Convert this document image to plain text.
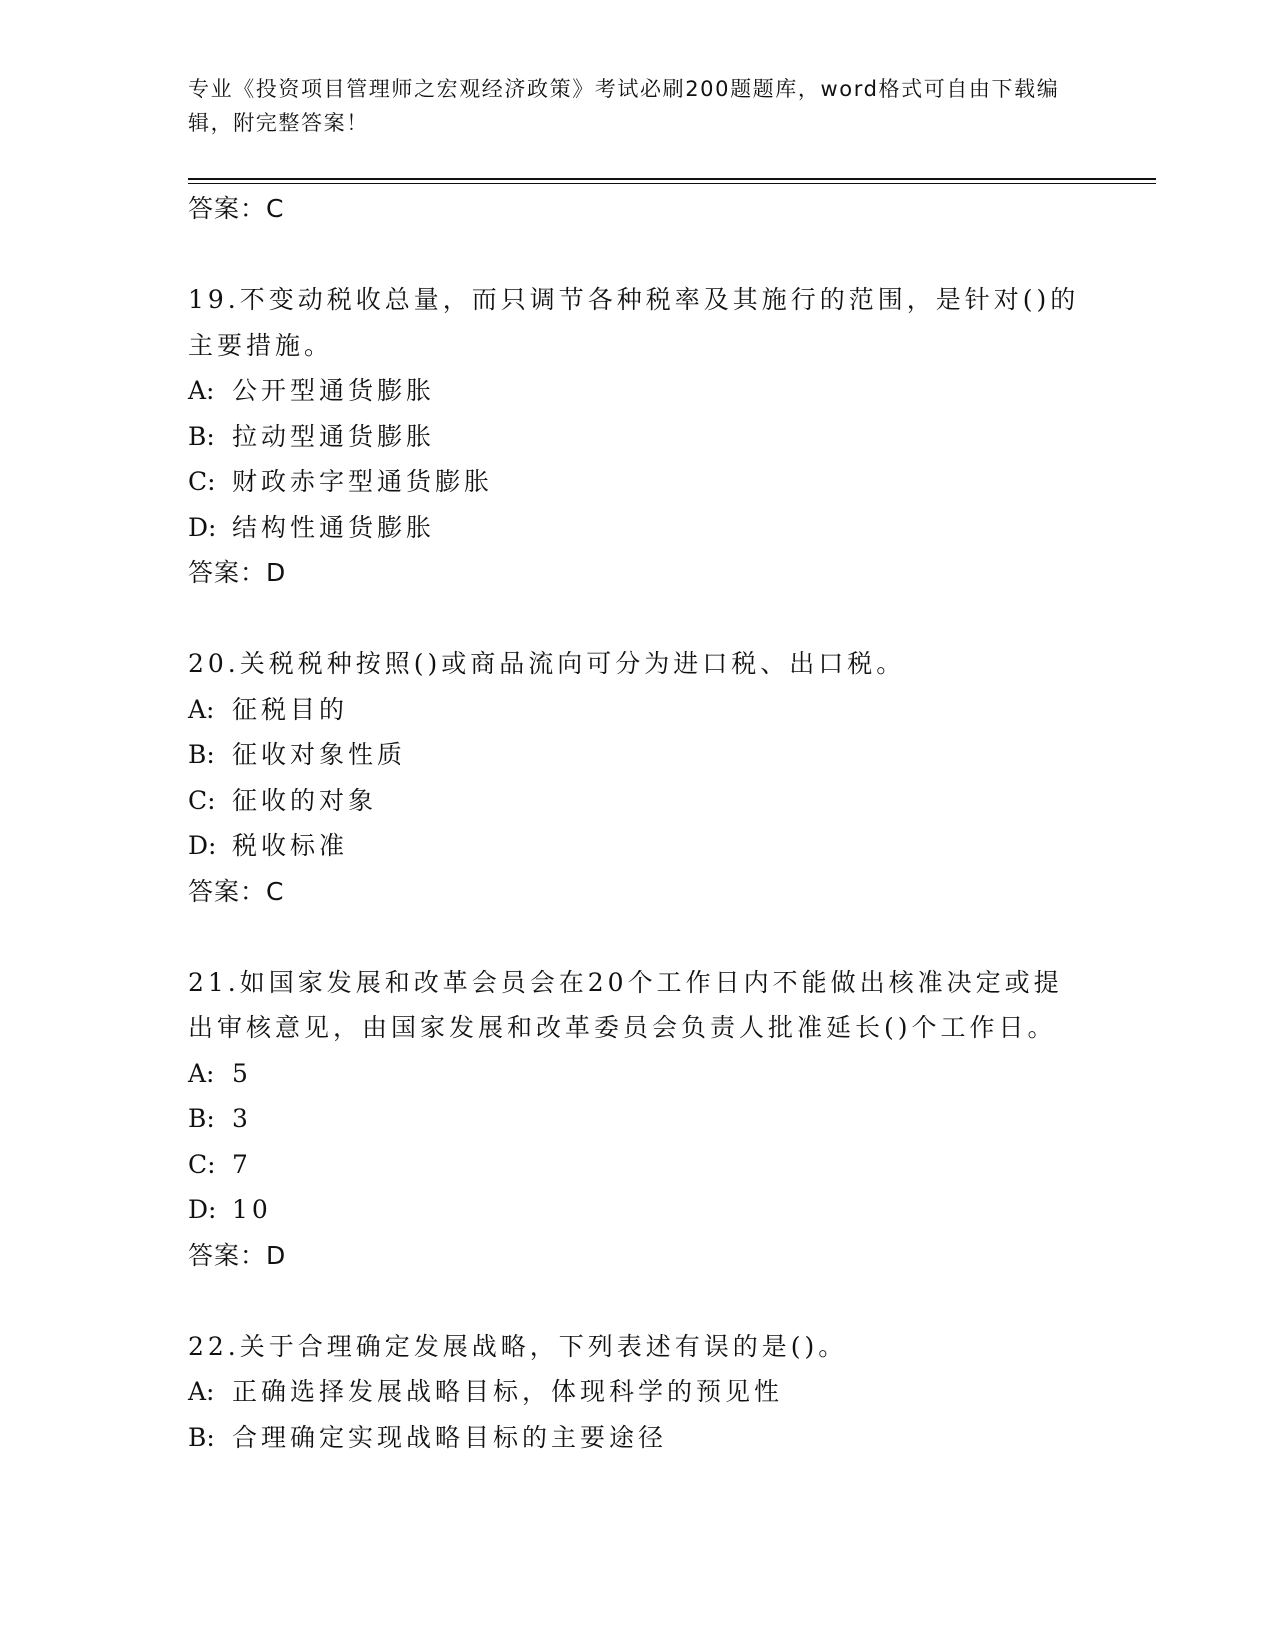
专业《投资项目管理师之宏观经济政策》考试必刷200题题库，word格式可自由下载编辑，附完整答案！

答案：C

19.不变动税收总量，而只调节各种税率及其施行的范围，是针对()的主要措施。

A: 公开型通货膨胀

B: 拉动型通货膨胀

C: 财政赤字型通货膨胀

D: 结构性通货膨胀

答案：D

20.关税税种按照()或商品流向可分为进口税、出口税。

A: 征税目的

B: 征收对象性质

C: 征收的对象

D: 税收标准

答案：C

21.如国家发展和改革会员会在20个工作日内不能做出核准决定或提出审核意见，由国家发展和改革委员会负责人批准延长()个工作日。

A: 5

B: 3

C: 7

D: 10

答案：D

22.关于合理确定发展战略，下列表述有误的是()。

A: 正确选择发展战略目标，体现科学的预见性

B: 合理确定实现战略目标的主要途径
